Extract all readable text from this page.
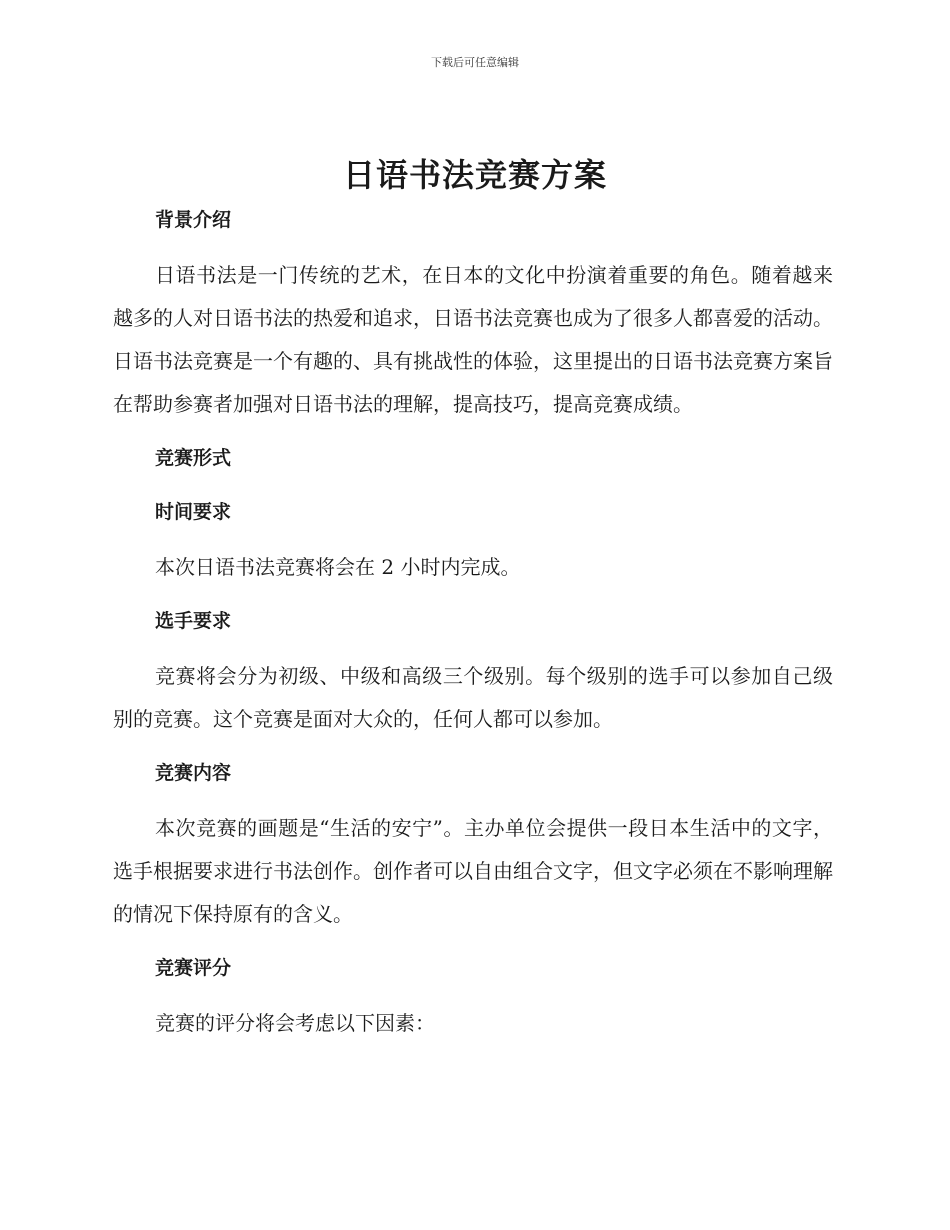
下载后可任意编辑
日语书法竞赛方案
背景介绍

日语书法是一门传统的艺术，在日本的文化中扮演着重要的角色。随着越来越多的人对日语书法的热爱和追求，日语书法竞赛也成为了很多人都喜爱的活动。日语书法竞赛是一个有趣的、具有挑战性的体验，这里提出的日语书法竞赛方案旨在帮助参赛者加强对日语书法的理解，提高技巧，提高竞赛成绩。

竞赛形式
时间要求

本次日语书法竞赛将会在 2 小时内完成。

选手要求

竞赛将会分为初级、中级和高级三个级别。每个级别的选手可以参加自己级别的竞赛。这个竞赛是面对大众的，任何人都可以参加。

竞赛内容

本次竞赛的画题是“生活的安宁”。主办单位会提供一段日本生活中的文字，选手根据要求进行书法创作。创作者可以自由组合文字，但文字必须在不影响理解的情况下保持原有的含义。

竞赛评分

竞赛的评分将会考虑以下因素：
